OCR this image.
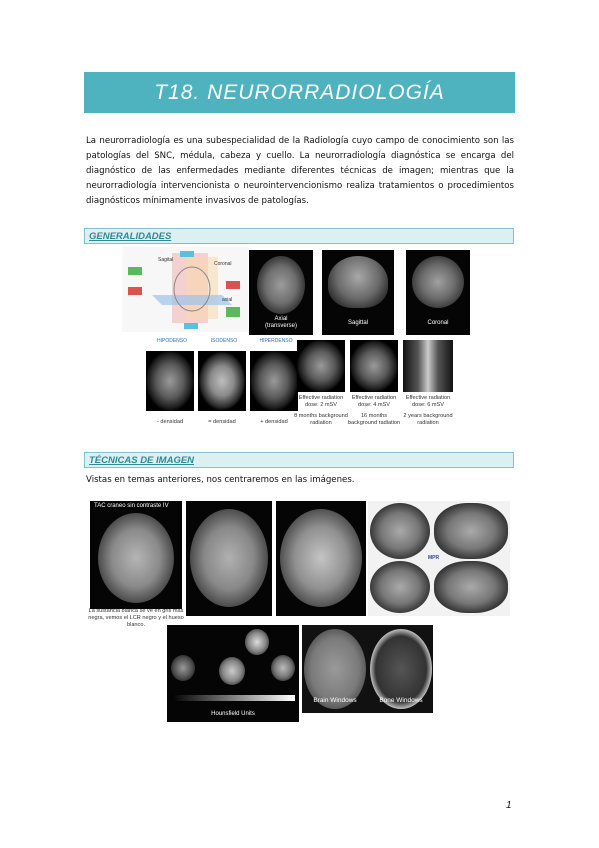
T18. NEURORRADIOLOGÍA
La neurorradiología es una subespecialidad de la Radiología cuyo campo de conocimiento son las patologías del SNC, médula, cabeza y cuello. La neurorradiología diagnóstica se encarga del diagnóstico de las enfermedades mediante diferentes técnicas de imagen; mientras que la neurorradiología intervencionista o neurointervencionismo realiza tratamientos o procedimientos diagnósticos mínimamente invasivos de patologías.
GENERALIDADES
Sagital
Coronal
axial
Axial
(transverse)	Sagittal	Coronal
HIPODENSO	ISODENSO	HIPERDENSO
- densidad	= densidad	+ densidad
Effective radiation dose: 2 mSV
8 months background radiation
Effective radiation dose: 4 mSV
16 months background radiation
Effective radiation dose: 6 mSV
2 years background radiation
TÉCNICAS DE IMAGEN
Vistas en temas anteriores, nos centraremos en las imágenes.
TAC craneo sin contraste IV
La sustancia blanca se ve en gris más negra, vemos el LCR negro y el hueso blanco.
MPR
Hounsfield Units
Brain Windows	Bone Windows
1
